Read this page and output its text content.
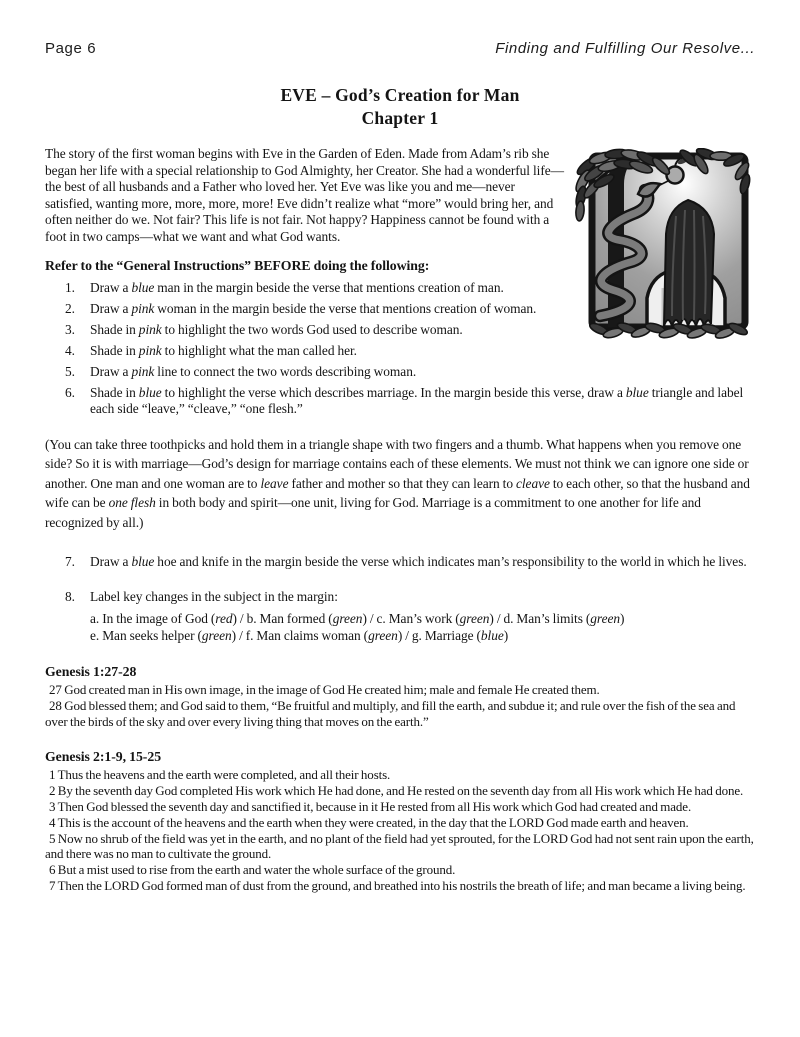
Page 6	Finding and Fulfilling Our Resolve...
EVE – God’s Creation for Man
Chapter 1

The story of the first woman begins with Eve in the Garden of Eden. Made from Adam’s rib she began her life with a special relationship to God Almighty, her Creator. She had a wonderful life—the best of all husbands and a Father who loved her. Yet Eve was like you and me—never satisfied, wanting more, more, more, more! Eve didn’t realize what “more” would bring her, and often neither do we. Not fair? This life is not fair. Not happy? Happiness cannot be found with a foot in two camps—what we want and what God wants.

Refer to the “General Instructions” BEFORE doing the following:

1. Draw a blue man in the margin beside the verse that mentions creation of man.
2. Draw a pink woman in the margin beside the verse that mentions creation of woman.
3. Shade in pink to highlight the two words God used to describe woman.
4. Shade in pink to highlight what the man called her.
5. Draw a pink line to connect the two words describing woman.
6. Shade in blue to highlight the verse which describes marriage. In the margin beside this verse, draw a blue triangle and label each side “leave,” “cleave,” “one flesh.”

(You can take three toothpicks and hold them in a triangle shape with two fingers and a thumb. What happens when you remove one side? So it is with marriage—God’s design for marriage contains each of these elements. We must not think we can ignore one side or another. One man and one woman are to leave father and mother so that they can learn to cleave to each other, so that the husband and wife can be one flesh in both body and spirit—one unit, living for God. Marriage is a commitment to one another for life and recognized by all.)

7. Draw a blue hoe and knife in the margin beside the verse which indicates man’s responsibility to the world in which he lives.
8. Label key changes in the subject in the margin:

a. In the image of God (red) / b. Man formed (green) / c. Man’s work (green) / d. Man’s limits (green)

e. Man seeks helper (green) / f. Man claims woman (green) / g. Marriage (blue)

Genesis 1:27-28

27 God created man in His own image, in the image of God He created him; male and female He created them.

28 God blessed them; and God said to them, “Be fruitful and multiply, and fill the earth, and subdue it; and rule over the fish of the sea and over the birds of the sky and over every living thing that moves on the earth.”

Genesis 2:1-9, 15-25

1 Thus the heavens and the earth were completed, and all their hosts.

2 By the seventh day God completed His work which He had done, and He rested on the seventh day from all His work which He had done.

3 Then God blessed the seventh day and sanctified it, because in it He rested from all His work which God had created and made.

4 This is the account of the heavens and the earth when they were created, in the day that the LORD God made earth and heaven.

5 Now no shrub of the field was yet in the earth, and no plant of the field had yet sprouted, for the LORD God had not sent rain upon the earth, and there was no man to cultivate the ground.

6 But a mist used to rise from the earth and water the whole surface of the ground.

7 Then the LORD God formed man of dust from the ground, and breathed into his nostrils the breath of life; and man became a living being.
